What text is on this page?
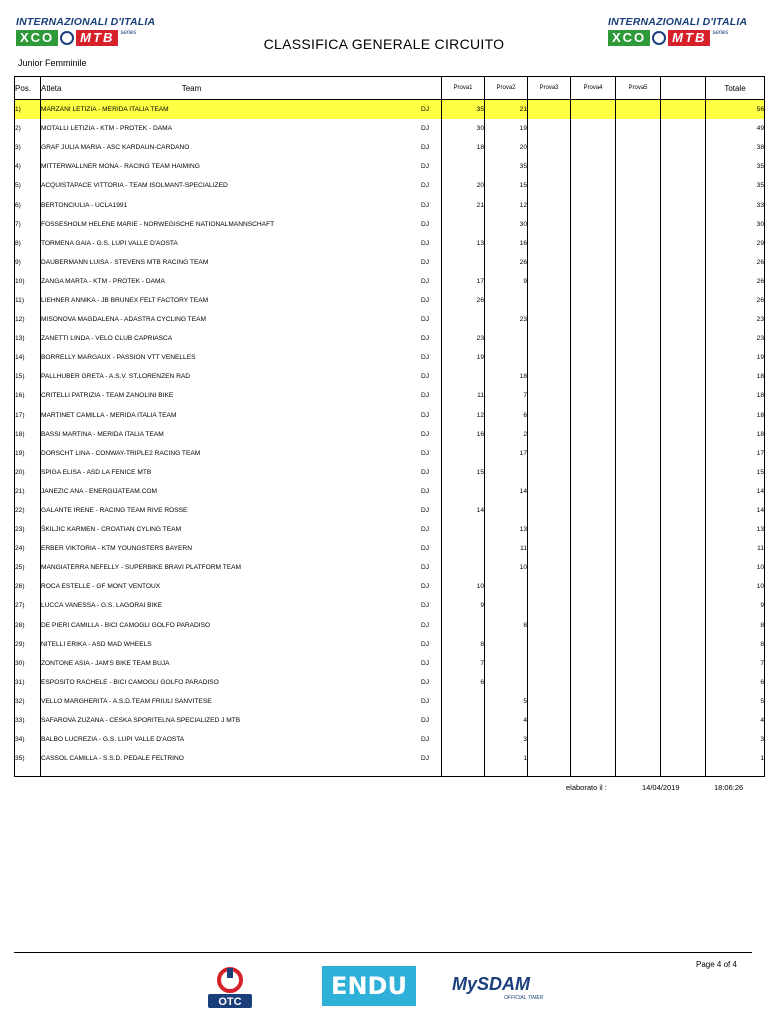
INTERNAZIONALI D'ITALIA
XCO	MTB	series
INTERNAZIONALI D'ITALIA
XCO	MTB	series
CLASSIFICA GENERALE CIRCUITO
Junior Femminile
Pos.	Atleta Team	Prova1	Prova2	Prova3	Prova4	Prova5		Totale
1)	MARZANI LETIZIA - MERIDA ITALIA TEAM DJ	35	21					56
2)	MOTALLI LETIZIA - KTM - PROTEK - DAMA DJ	30	19					49
3)	GRAF JULIA MARIA - ASC KARDAUN-CARDANO DJ	18	20					38
4)	MITTERWALLNER MONA - RACING TEAM HAIMING DJ		35					35
5)	ACQUISTAPACE VITTORIA - TEAM ISOLMANT-SPECIALIZED DJ	20	15					35
6)	BERTONCIULIA - UCLA1991 DJ	21	12					33
7)	FOSSESHOLM HELENE MARIE - NORWEGISCHE NATIONALMANNSCHAFT DJ		30					30
8)	TORMENA GAIA - G.S. LUPI VALLE D'AOSTA DJ	13	16					29
9)	DAUBERMANN LUISA - STEVENS MTB RACING TEAM DJ		26					26
10)	ZANGA MARTA - KTM - PROTEK - DAMA DJ	17	9					26
11)	LIEHNER ANNIKA - JB BRUNEX FELT FACTORY TEAM DJ	26						26
12)	MISONOVA MAGDALENA - ADASTRA CYCLING TEAM DJ		23					23
13)	ZANETTI LINDA - VELO CLUB CAPRIASCA DJ	23						23
14)	BORRELLY MARGAUX - PASSION VTT VENELLES DJ	19						19
15)	PALLHUBER GRETA - A.S.V. ST.LORENZEN RAD DJ		18					18
16)	CRITELLI PATRIZIA - TEAM ZANOLINI BIKE DJ	11	7					18
17)	MARTINET CAMILLA - MERIDA ITALIA TEAM DJ	12	6					18
18)	BASSI MARTINA - MERIDA ITALIA TEAM DJ	16	2					18
19)	DORSCHT LINA - CONWAY-TRIPLE2 RACING TEAM DJ		17					17
20)	SPIGA ELISA - ASD LA FENICE MTB DJ	15						15
21)	JANEZIC ANA - ENERGIJATEAM.COM DJ		14					14
22)	GALANTE IRENE - RACING TEAM RIVE ROSSE DJ	14						14
23)	ŠKILJIC KARMEN - CROATIAN CYLING TEAM DJ		13					13
24)	ERBER VIKTORIA - KTM YOUNGSTERS BAYERN DJ		11					11
25)	MANGIATERRA NEFELLY - SUPERBIKE BRAVI PLATFORM TEAM DJ		10					10
26)	ROCA ESTELLE - GF MONT VENTOUX DJ	10						10
27)	LUCCA VANESSA - G.S. LAGORAI BIKE DJ	9						9
28)	DE PIERI CAMILLA - BICI CAMOGLI GOLFO PARADISO DJ		8					8
29)	NITELLI ERIKA - ASD MAD WHEELS DJ	8						8
30)	ZONTONE ASIA - JAM'S BIKE TEAM BUJA DJ	7						7
31)	ESPOSITO RACHELE - BICI CAMOGLI GOLFO PARADISO DJ	6						6
32)	VELLO MARGHERITA - A.S.D.TEAM FRIULI SANVITESE DJ		5					5
33)	SAFAROVA ZUZANA - CESKA SPORITELNA SPECIALIZED J MTB DJ		4					4
34)	BALBO LUCREZIA - G.S. LUPI VALLE D'AOSTA DJ		3					3
35)	CASSOL CAMILLA - S.S.D. PEDALE FELTRINO DJ		1					1

elaborato il :	14/04/2019	18:06:26
Page 4 of 4
OTC
ENDU	MySDAM
OFFICIAL TIMER
